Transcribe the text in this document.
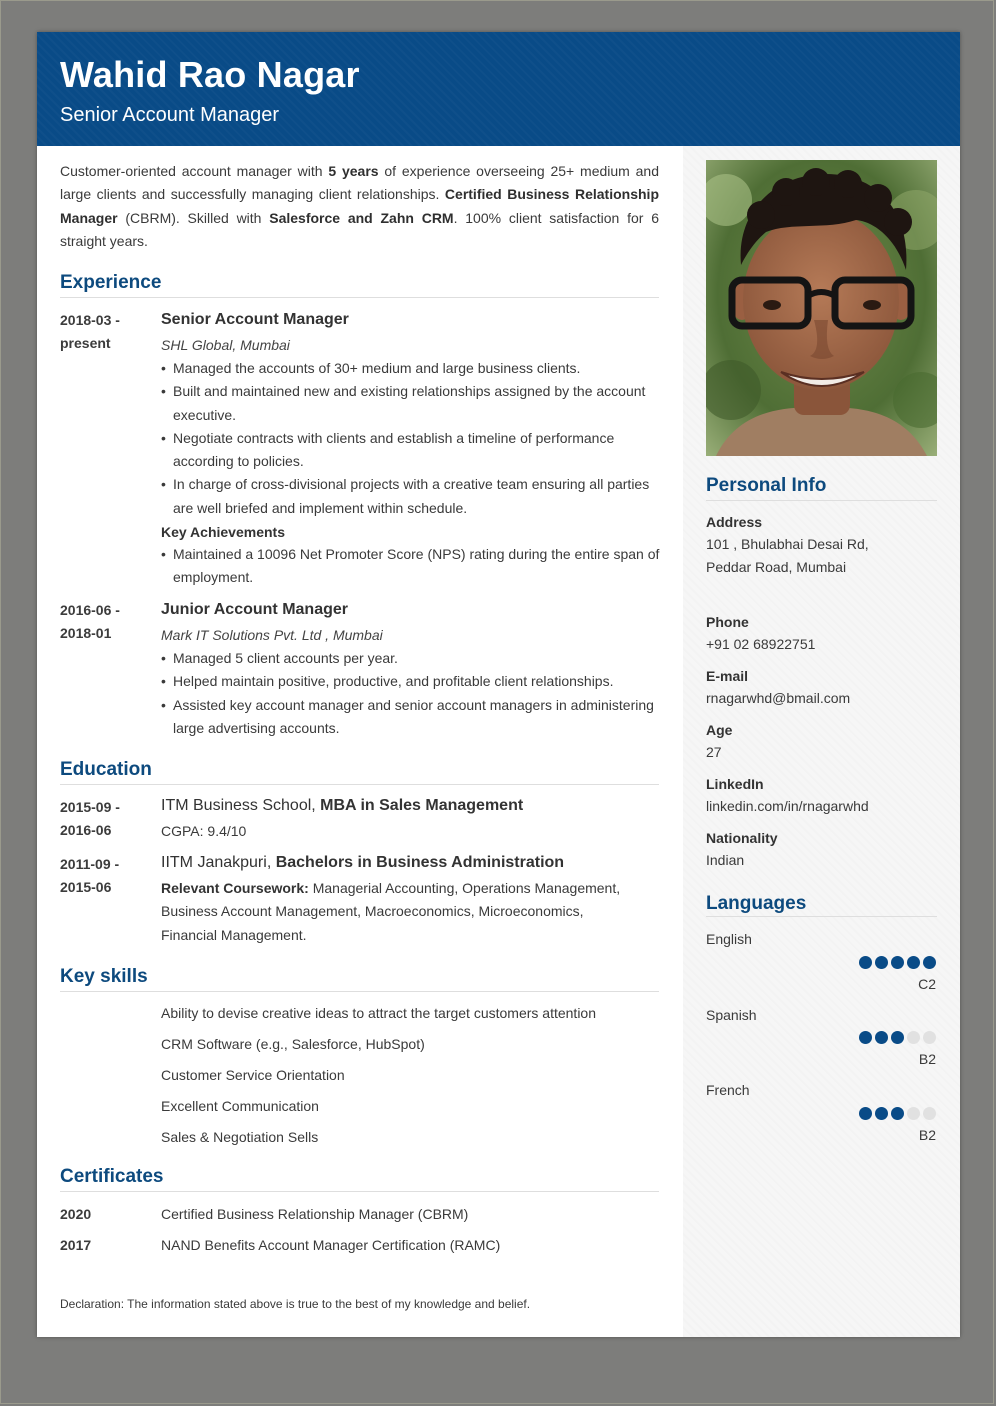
Wahid Rao Nagar

Senior Account Manager

Customer-oriented account manager with 5 years of experience overseeing 25+ medium and large clients and successfully managing client relationships. Certified Business Relationship Manager (CBRM). Skilled with Salesforce and Zahn CRM. 100% client satisfaction for 6 straight years.

Experience
2018-03 -
present
Senior Account Manager
SHL Global, Mumbai
• Managed the accounts of 30+ medium and large business clients.
• Built and maintained new and existing relationships assigned by the account executive.
• Negotiate contracts with clients and establish a timeline of performance according to policies.
• In charge of cross-divisional projects with a creative team ensuring all parties are well briefed and implement within schedule.
Key Achievements
• Maintained a 10096 Net Promoter Score (NPS) rating during the entire span of employment.
2016-06 -
2018-01
Junior Account Manager
Mark IT Solutions Pvt. Ltd , Mumbai
• Managed 5 client accounts per year.
• Helped maintain positive, productive, and profitable client relationships.
• Assisted key account manager and senior account managers in administering large advertising accounts.
Education
2015-09 -
2016-06
ITM Business School, MBA in Sales Management
CGPA: 9.4/10
2011-09 -
2015-06
IITM Janakpuri, Bachelors in Business Administration
Relevant Coursework: Managerial Accounting, Operations Management, Business Account Management, Macroeconomics, Microeconomics, Financial Management.
Key skills
Ability to devise creative ideas to attract the target customers attention
CRM Software (e.g., Salesforce, HubSpot)
Customer Service Orientation
Excellent Communication
Sales & Negotiation Sells
Certificates
2020	Certified Business Relationship Manager (CBRM)
2017	NAND Benefits Account Manager Certification (RAMC)
Declaration: The information stated above is true to the best of my knowledge and belief.
Personal Info
Address
101 , Bhulabhai Desai Rd, Peddar Road, Mumbai
Phone
+91 02 68922751
E-mail
rnagarwhd@bmail.com
Age
27
LinkedIn
linkedin.com/in/rnagarwhd
Nationality
Indian
Languages
English
C2
Spanish
B2
French
B2
